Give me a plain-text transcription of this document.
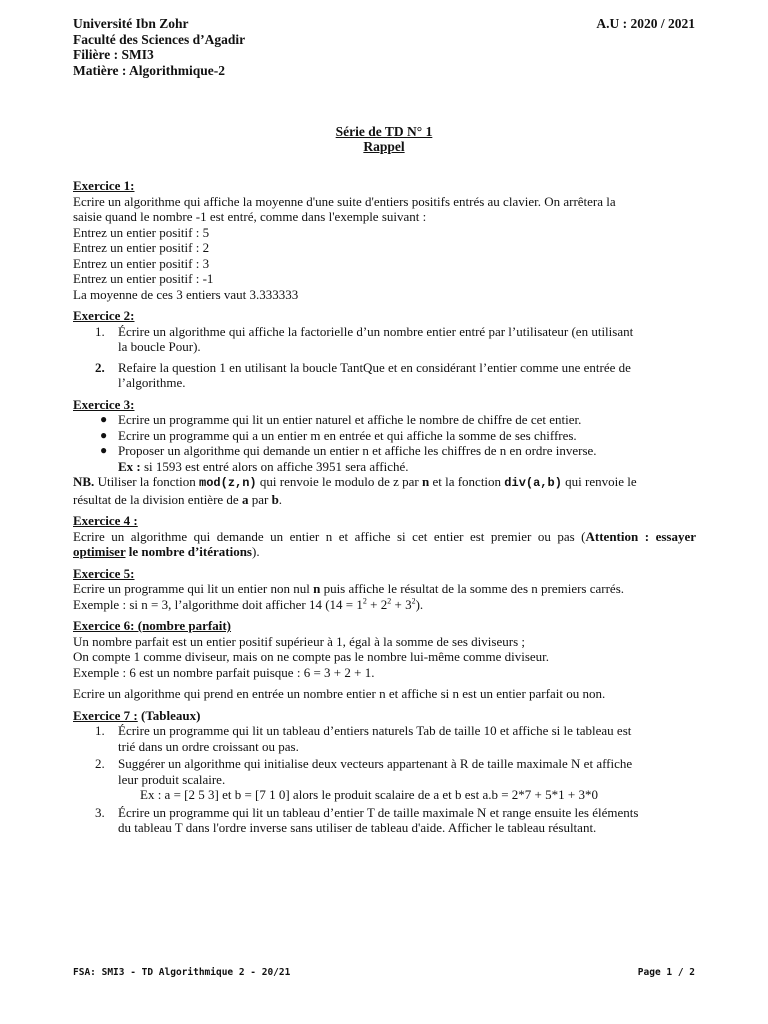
Université Ibn Zohr
Faculté des Sciences d’Agadir
Filière : SMI3
Matière : Algorithmique-2
A.U : 2020 / 2021
Série de TD N° 1
Rappel
Exercice 1:
Ecrire un algorithme qui affiche la moyenne d'une suite d'entiers positifs entrés au clavier. On arrêtera la
saisie quand le nombre -1 est entré, comme dans l'exemple suivant :
Entrez un entier positif : 5
Entrez un entier positif : 2
Entrez un entier positif : 3
Entrez un entier positif : -1
La moyenne de ces 3 entiers vaut 3.333333
Exercice 2:
1. Écrire un algorithme qui affiche la factorielle d’un nombre entier entré par l’utilisateur (en utilisant
la boucle Pour).
2. Refaire la question 1 en utilisant la boucle TantQue et en considérant l’entier comme une entrée de
l’algorithme.
Exercice 3:
● Ecrire un programme qui lit un entier naturel et affiche le nombre de chiffre de cet entier.
● Ecrire un programme qui a un entier m en entrée et qui affiche la somme de ses chiffres.
● Proposer un algorithme qui demande un entier n et affiche les chiffres de n en ordre inverse.
Ex : si 1593 est entré alors on affiche 3951 sera affiché.
NB. Utiliser la fonction mod(z,n) qui renvoie le modulo de z par n et la fonction div(a,b) qui renvoie le
résultat de la division entière de a par b.
Exercice 4 :
Ecrire un algorithme qui demande un entier n et affiche si cet entier est premier ou pas (Attention : essayer
optimiser le nombre d’itérations).
Exercice 5:
Ecrire un programme qui lit un entier non nul n puis affiche le résultat de la somme des n premiers carrés.
Exemple : si n = 3, l’algorithme doit afficher 14 $(14 = 1^2 + 2^2 + 3^2)$.
Exercice 6: (nombre parfait)
Un nombre parfait est un entier positif supérieur à 1, égal à la somme de ses diviseurs ;
On compte 1 comme diviseur, mais on ne compte pas le nombre lui-même comme diviseur.
Exemple : 6 est un nombre parfait puisque : 6 = 3 + 2 + 1.
Ecrire un algorithme qui prend en entrée un nombre entier n et affiche si n est un entier parfait ou non.
Exercice 7 : (Tableaux)
1. Écrire un programme qui lit un tableau d’entiers naturels Tab de taille 10 et affiche si le tableau est
trié dans un ordre croissant ou pas.
2. Suggérer un algorithme qui initialise deux vecteurs appartenant à R de taille maximale N et affiche
leur produit scalaire.
Ex : a = [2 5 3] et b = [7 1 0] alors le produit scalaire de a et b est a.b = 2*7 + 5*1 + 3*0
3. Écrire un programme qui lit un tableau d’entier T de taille maximale N et range ensuite les éléments
du tableau T dans l'ordre inverse sans utiliser de tableau d'aide. Afficher le tableau résultant.
FSA: SMI3 - TD Algorithmique 2 - 20/21	Page 1 / 2
